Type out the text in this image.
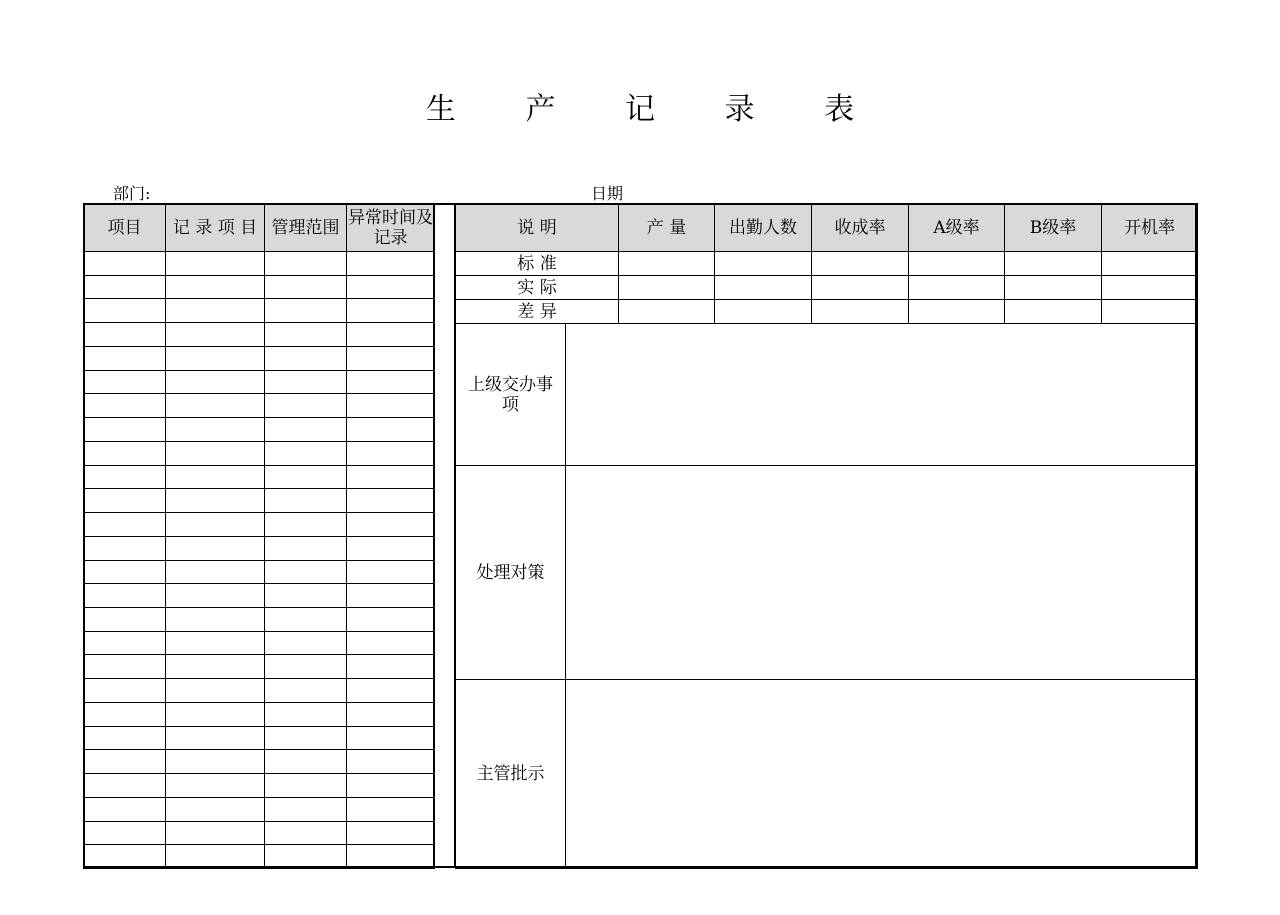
生 产 记 录 表
部门:	日期
项目	记 录 项 目	管理范围	异常时间及记录

				说 明		产 量	出勤人数	收成率	A级率	B级率	开机率
标 准							
实 际							
差 异							
上级交办事项							
处理对策							
主管批示							
